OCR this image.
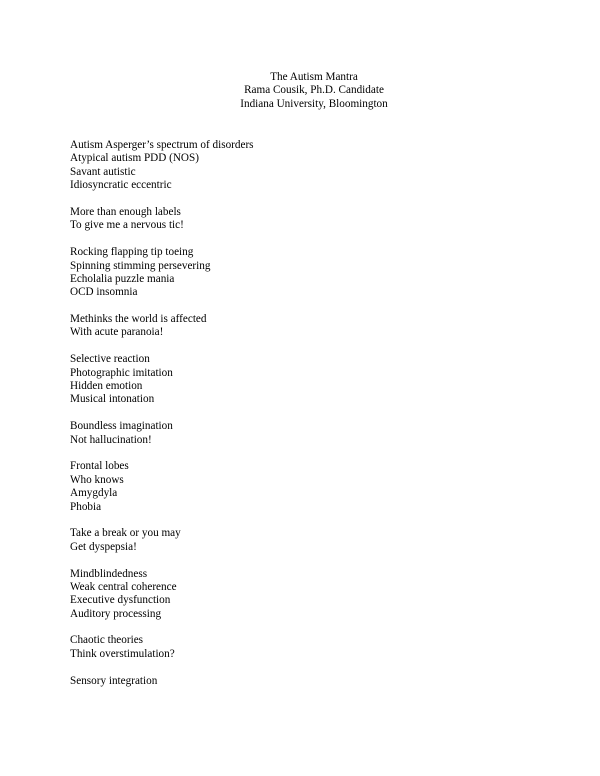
The Autism Mantra
Rama Cousik, Ph.D. Candidate
Indiana University, Bloomington
Autism Asperger’s spectrum of disorders
Atypical autism PDD (NOS)
Savant autistic
Idiosyncratic eccentric
More than enough labels
To give me a nervous tic!
Rocking flapping tip toeing
Spinning stimming persevering
Echolalia puzzle mania
OCD insomnia
Methinks the world is affected
With acute paranoia!
Selective reaction
Photographic imitation
Hidden emotion
Musical intonation
Boundless imagination
Not hallucination!
Frontal lobes
Who knows
Amygdyla
Phobia
Take a break or you may
Get dyspepsia!
Mindblindedness
Weak central coherence
Executive dysfunction
Auditory processing
Chaotic theories
Think overstimulation?
Sensory integration
